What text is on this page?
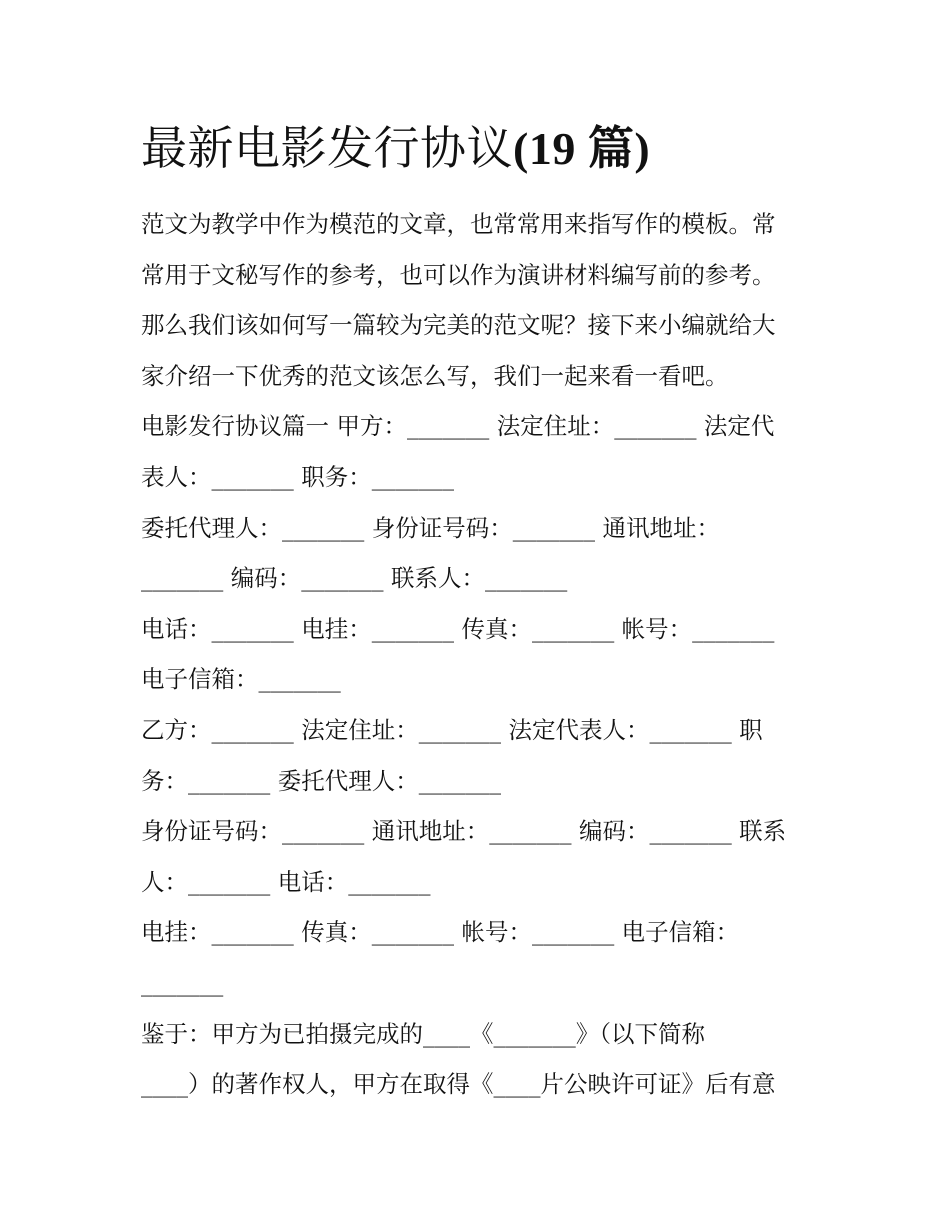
最新电影发行协议(19 篇)
范文为教学中作为模范的文章，也常常用来指写作的模板。常
常用于文秘写作的参考，也可以作为演讲材料编写前的参考。
那么我们该如何写一篇较为完美的范文呢？接下来小编就给大
家介绍一下优秀的范文该怎么写，我们一起来看一看吧。
电影发行协议篇一 甲方：_______ 法定住址：_______ 法定代
表人：_______ 职务：_______
委托代理人：_______ 身份证号码：_______ 通讯地址：
_______ 编码：_______ 联系人：_______
电话：_______ 电挂：_______ 传真：_______ 帐号：_______
电子信箱：_______
乙方：_______ 法定住址：_______ 法定代表人：_______ 职
务：_______ 委托代理人：_______
身份证号码：_______ 通讯地址：_______ 编码：_______ 联系
人：_______ 电话：_______
电挂：_______ 传真：_______ 帐号：_______ 电子信箱：
_______
鉴于：甲方为已拍摄完成的____《_______》（以下简称
____）的著作权人，甲方在取得《____片公映许可证》后有意
